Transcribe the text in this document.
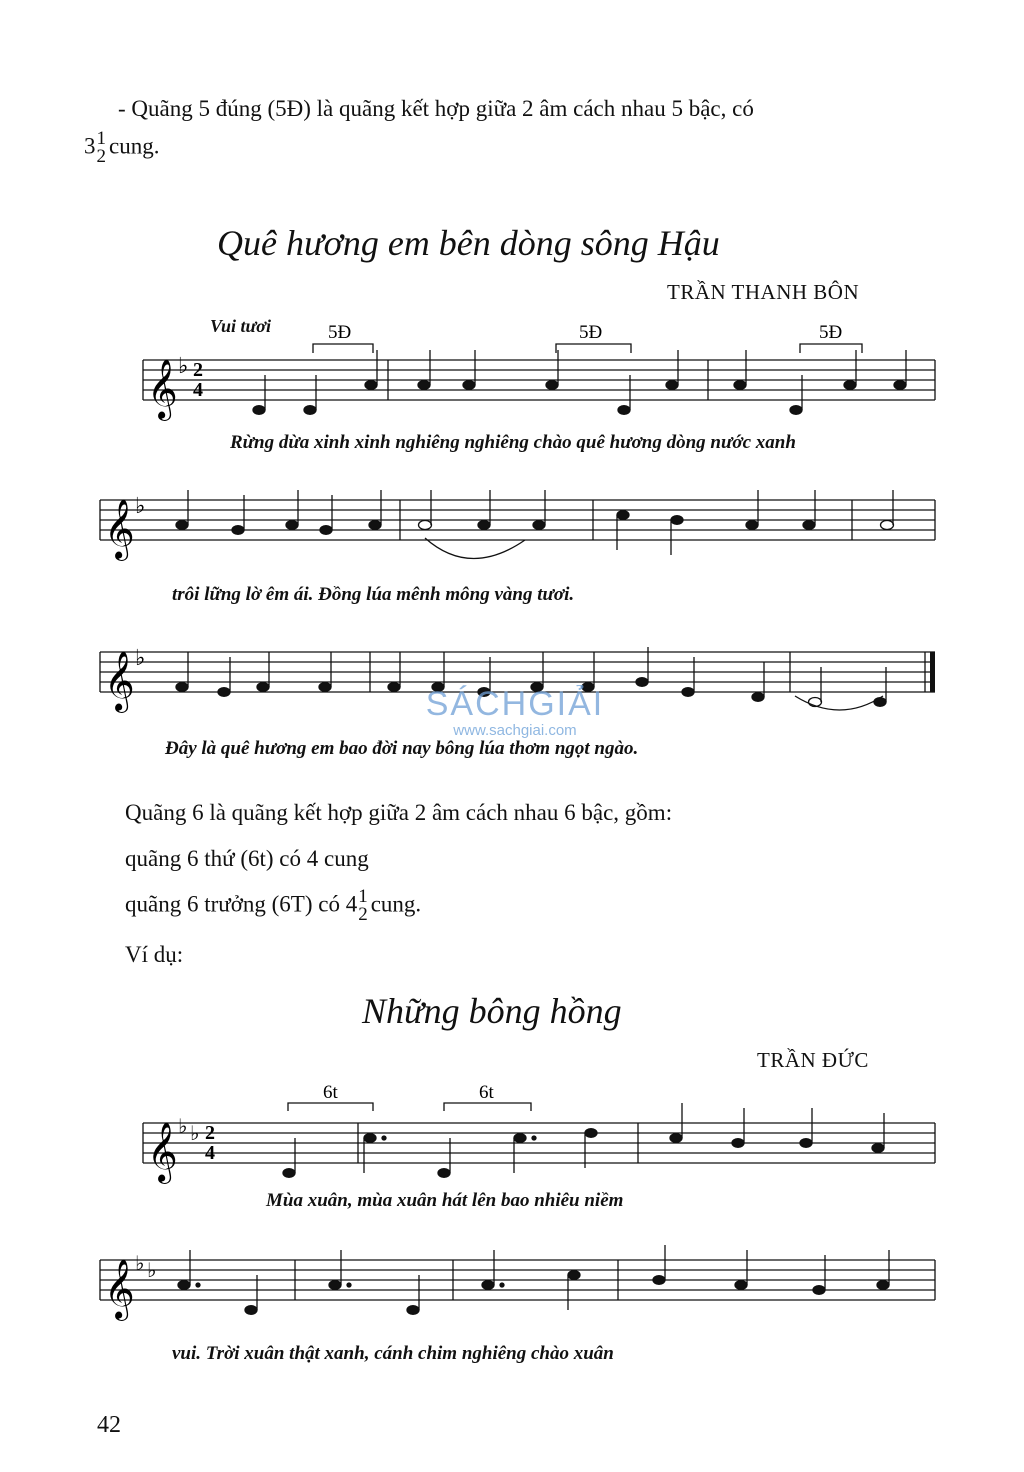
- Quãng 5 đúng (5Đ) là quãng kết hợp giữa 2 âm cách nhau 5 bậc, có
3 1
2 cung.
Quê hương em bên dòng sông Hậu
TRẦN THANH BÔN
Vui tươi
𝄞 ♭ 2
4
5Đ	5Đ	5Đ
Rừng dừa xinh xinh nghiêng nghiêng chào quê hương dòng nước xanh
𝄞 ♭
trôi lững lờ êm ái. Đồng lúa mênh mông vàng tươi.
𝄞 ♭
Đây là quê hương em bao đời nay bông lúa thơm ngọt ngào.
SÁCHGIẢI
www.sachgiai.com
Quãng 6 là quãng kết hợp giữa 2 âm cách nhau 6 bậc, gồm:
quãng 6 thứ (6t) có 4 cung
quãng 6 trưởng (6T) có 4 1
2 cung.
Ví dụ:
Những bông hồng
TRẦN ĐỨC
𝄞 ♭ ♭ 2
4
6t	6t
Mùa xuân, mùa xuân hát lên bao nhiêu niềm
𝄞 ♭ ♭
vui. Trời xuân thật xanh, cánh chim nghiêng chào xuân
42
